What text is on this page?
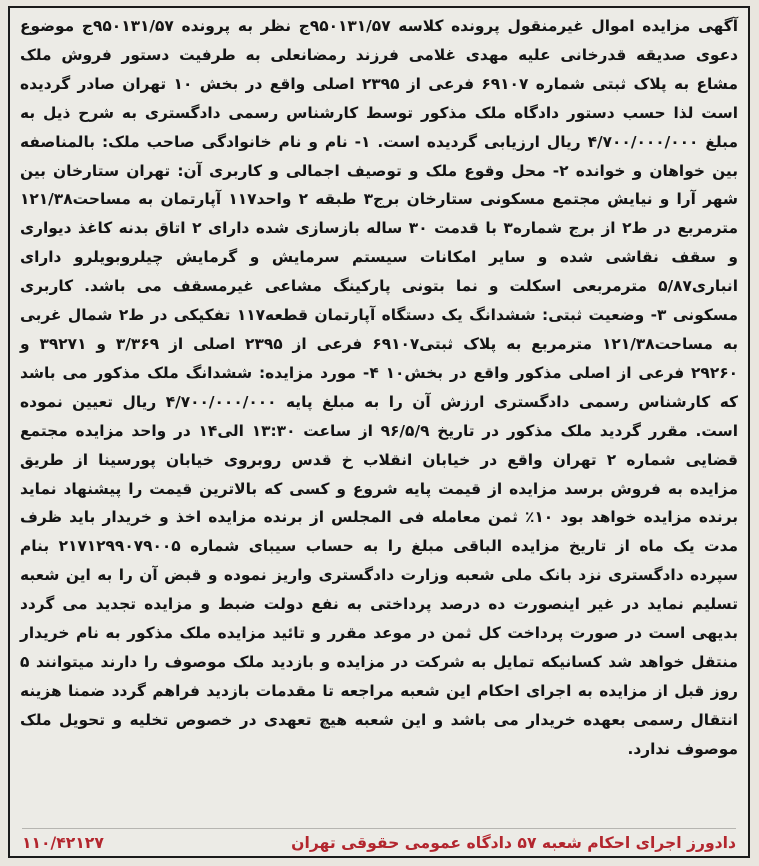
آگهی مزایده اموال غیرمنقول پرونده کلاسه ۹۵۰۱۳۱/۵۷ج نظر به پرونده ۹۵۰۱۳۱/۵۷ج موضوع دعوی صدیقه قدرخانی علیه مهدی غلامی فرزند رمضانعلی به طرفیت دستور فروش ملک مشاع به پلاک ثبتی شماره ۶۹۱۰۷ فرعی از ۲۳۹۵ اصلی واقع در بخش ۱۰ تهران صادر گردیده است لذا حسب دستور دادگاه ملک مذکور توسط کارشناس رسمی دادگستری به شرح ذیل به مبلغ ۴/۷۰۰/۰۰۰/۰۰۰ ریال ارزیابی گردیده است. ۱- نام و نام خانوادگی صاحب ملک: بالمناصفه بین خواهان و خوانده ۲- محل وقوع ملک و توصیف اجمالی و کاربری آن: تهران ستارخان بین شهر آرا و نیایش مجتمع مسکونی ستارخان برج۳ طبقه ۲ واحد۱۱۷ آپارتمان به مساحت۱۲۱/۳۸ مترمربع در ط۲ از برج شماره۳ با قدمت ۳۰ ساله بازسازی شده دارای ۲ اتاق بدنه کاغذ دیواری و سقف نقاشی شده و سایر امکانات سیستم سرمایش و گرمایش چیلروبویلرو دارای انباری۵/۸۷ مترمربعی اسکلت و نما بتونی پارکینگ مشاعی غیرمسقف می باشد. کاربری مسکونی ۳- وضعیت ثبتی: ششدانگ یک دستگاه آپارتمان قطعه۱۱۷ تفکیکی در ط۲ شمال غربی به مساحت۱۲۱/۳۸ مترمربع به پلاک ثبتی۶۹۱۰۷ فرعی از ۲۳۹۵ اصلی از ۳/۳۶۹ و ۳۹۲۷۱ و ۲۹۲۶۰ فرعی از اصلی مذکور واقع در بخش۱۰ ۴- مورد مزایده: ششدانگ ملک مذکور می باشد که کارشناس رسمی دادگستری ارزش آن را به مبلغ پایه ۴/۷۰۰/۰۰۰/۰۰۰ ریال تعیین نموده است. مقرر گردید ملک مذکور در تاریخ ۹۶/۵/۹ از ساعت ۱۳:۳۰ الی۱۴ در واحد مزایده مجتمع قضایی شماره ۲ تهران واقع در خیابان انقلاب خ قدس روبروی خیابان پورسینا از طریق مزایده به فروش برسد مزایده از قیمت پایه شروع و کسی که بالاترین قیمت را پیشنهاد نماید برنده مزایده خواهد بود ۱۰٪ ثمن معامله فی المجلس از برنده مزایده اخذ و خریدار باید ظرف مدت یک ماه از تاریخ مزایده الباقی مبلغ را به حساب سیبای شماره ۲۱۷۱۲۹۹۰۷۹۰۰۵ بنام سپرده دادگستری نزد بانک ملی شعبه وزارت دادگستری واریز نموده و قبض آن را به این شعبه تسلیم نماید در غیر اینصورت ده درصد پرداختی به نفع دولت ضبط و مزایده تجدید می گردد بدیهی است در صورت پرداخت کل ثمن در موعد مقرر و تائید مزایده ملک مذکور به نام خریدار منتقل خواهد شد کسانیکه تمایل به شرکت در مزایده و بازدید ملک موصوف را دارند میتوانند ۵ روز قبل از مزایده به اجرای احکام این شعبه مراجعه تا مقدمات بازدید فراهم گردد ضمنا هزینه انتقال رسمی بعهده خریدار می باشد و این شعبه هیچ تعهدی در خصوص تخلیه و تحویل ملک موصوف ندارد.
دادورز اجرای احکام شعبه ۵۷ دادگاه عمومی حقوقی تهران
۱۱۰/۴۲۱۲۷
